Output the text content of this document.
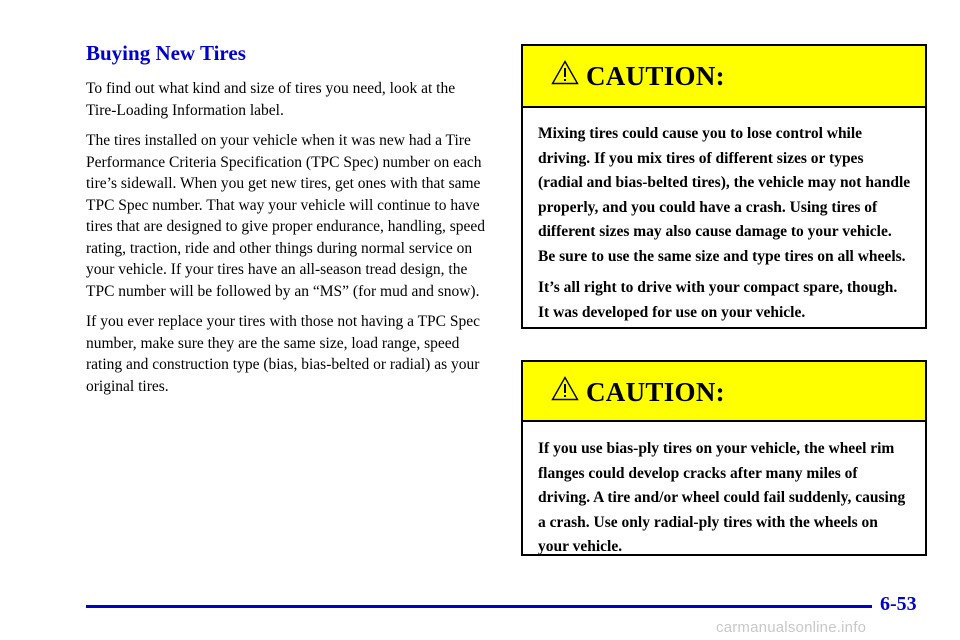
Buying New Tires

To find out what kind and size of tires you need, look at the Tire‑Loading Information label.

The tires installed on your vehicle when it was new had a Tire Performance Criteria Specification (TPC Spec) number on each tire’s sidewall. When you get new tires, get ones with that same TPC Spec number. That way your vehicle will continue to have tires that are designed to give proper endurance, handling, speed rating, traction, ride and other things during normal service on your vehicle. If your tires have an all‑season tread design, the TPC number will be followed by an “MS” (for mud and snow).

If you ever replace your tires with those not having a TPC Spec number, make sure they are the same size, load range, speed rating and construction type (bias, bias‑belted or radial) as your original tires.

CAUTION:

Mixing tires could cause you to lose control while driving. If you mix tires of different sizes or types (radial and bias‑belted tires), the vehicle may not handle properly, and you could have a crash. Using tires of different sizes may also cause damage to your vehicle. Be sure to use the same size and type tires on all wheels.

It’s all right to drive with your compact spare, though. It was developed for use on your vehicle.

CAUTION:

If you use bias‑ply tires on your vehicle, the wheel rim flanges could develop cracks after many miles of driving. A tire and/or wheel could fail suddenly, causing a crash. Use only radial‑ply tires with the wheels on your vehicle.

6-53
carmanualsonline.info
